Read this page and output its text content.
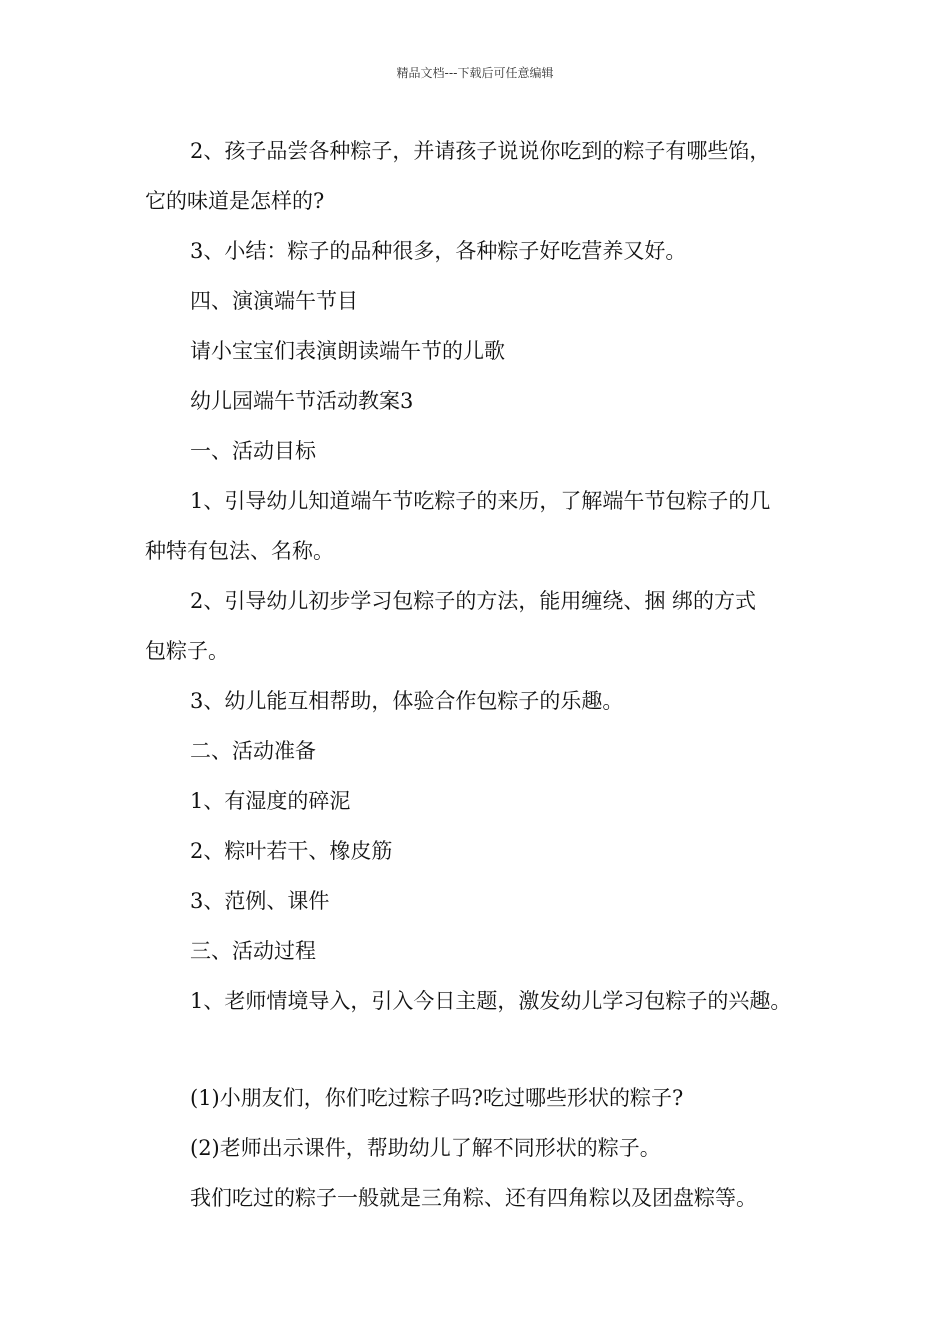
精品文档---下载后可任意编辑
2、孩子品尝各种粽子，并请孩子说说你吃到的粽子有哪些馅，
它的味道是怎样的?
3、小结：粽子的品种很多，各种粽子好吃营养又好。
四、演演端午节目
请小宝宝们表演朗读端午节的儿歌
幼儿园端午节活动教案3
一、活动目标
1、引导幼儿知道端午节吃粽子的来历，了解端午节包粽子的几
种特有包法、名称。
2、引导幼儿初步学习包粽子的方法，能用缠绕、捆 绑的方式
包粽子。
3、幼儿能互相帮助，体验合作包粽子的乐趣。
二、活动准备
1、有湿度的碎泥
2、粽叶若干、橡皮筋
3、范例、课件
三、活动过程
1、老师情境导入，引入今日主题，激发幼儿学习包粽子的兴趣。
(1)小朋友们，你们吃过粽子吗?吃过哪些形状的粽子?
(2)老师出示课件，帮助幼儿了解不同形状的粽子。
我们吃过的粽子一般就是三角粽、还有四角粽以及团盘粽等。
